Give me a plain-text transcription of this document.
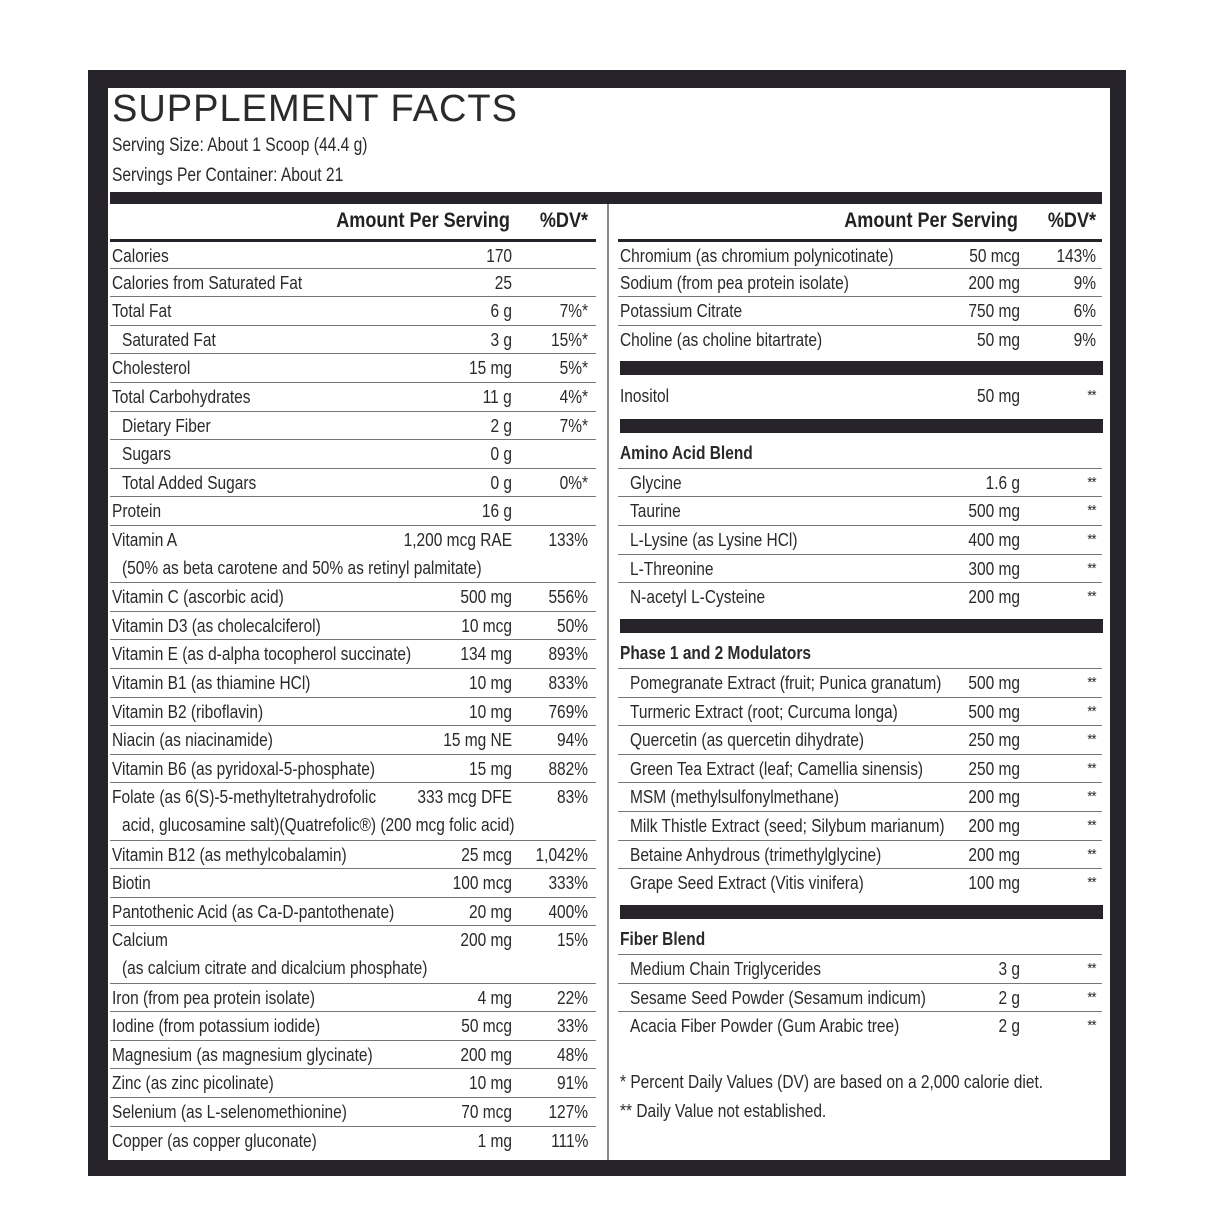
SUPPLEMENT FACTS
Serving Size: About 1 Scoop (44.4 g)
Servings Per Container: About 21
Amount Per Serving %DV*	Amount Per Serving %DV*
Calories	170
Calories from Saturated Fat	25
Total Fat	6 g	7%*
Saturated Fat	3 g 15%*
Cholesterol	15 mg	5%*
Total Carbohydrates	11 g	4%*
Dietary Fiber	2 g	7%*
Sugars	0 g
Total Added Sugars	0 g	0%*
Protein	16 g
Vitamin A	1,200 mcg RAE 133%
(50% as beta carotene and 50% as retinyl palmitate)
Vitamin C (ascorbic acid)	500 mg 556%
Vitamin D3 (as cholecalciferol)	10 mcg	50%
Vitamin E (as d-alpha tocopherol succinate)	134 mg 893%
Vitamin B1 (as thiamine HCl)	10 mg 833%
Vitamin B2 (riboflavin)	10 mg 769%
Niacin (as niacinamide)	15 mg NE	94%
Vitamin B6 (as pyridoxal-5-phosphate)	15 mg 882%
Folate (as 6(S)-5-methyltetrahydrofolic 333 mcg DFE	83%
acid, glucosamine salt)(Quatrefolic®) (200 mcg folic acid)
Vitamin B12 (as methylcobalamin)	25 mcg 1,042%
Biotin	100 mcg 333%
Pantothenic Acid (as Ca-D-pantothenate)	20 mg 400%
Calcium	200 mg	15%
(as calcium citrate and dicalcium phosphate)
Iron (from pea protein isolate)	4 mg	22%
Iodine (from potassium iodide)	50 mcg	33%
Magnesium (as magnesium glycinate)	200 mg	48%
Zinc (as zinc picolinate)	10 mg	91%
Selenium (as L-selenomethionine)	70 mcg 127%
Copper (as copper gluconate)	1 mg 111%
Chromium (as chromium polynicotinate)	50 mcg 143%
Sodium (from pea protein isolate)	200 mg	9%
Potassium Citrate	750 mg	6%
Choline (as choline bitartrate)	50 mg	9%
Inositol	50 mg	**
Amino Acid Blend
Glycine	1.6 g	**
Taurine	500 mg	**
L-Lysine (as Lysine HCl)	400 mg	**
L-Threonine	300 mg	**
N-acetyl L-Cysteine	200 mg	**
Phase 1 and 2 Modulators
Pomegranate Extract (fruit; Punica granatum) 500 mg	**
Turmeric Extract (root; Curcuma longa)	500 mg	**
Quercetin (as quercetin dihydrate)	250 mg	**
Green Tea Extract (leaf; Camellia sinensis)	250 mg	**
MSM (methylsulfonylmethane)	200 mg	**
Milk Thistle Extract (seed; Silybum marianum) 200 mg	**
Betaine Anhydrous (trimethylglycine)	200 mg	**
Grape Seed Extract (Vitis vinifera)	100 mg	**
Fiber Blend
Medium Chain Triglycerides	3 g	**
Sesame Seed Powder (Sesamum indicum)	2 g	**
Acacia Fiber Powder (Gum Arabic tree)	2 g	**
* Percent Daily Values (DV) are based on a 2,000 calorie diet.
** Daily Value not established.
